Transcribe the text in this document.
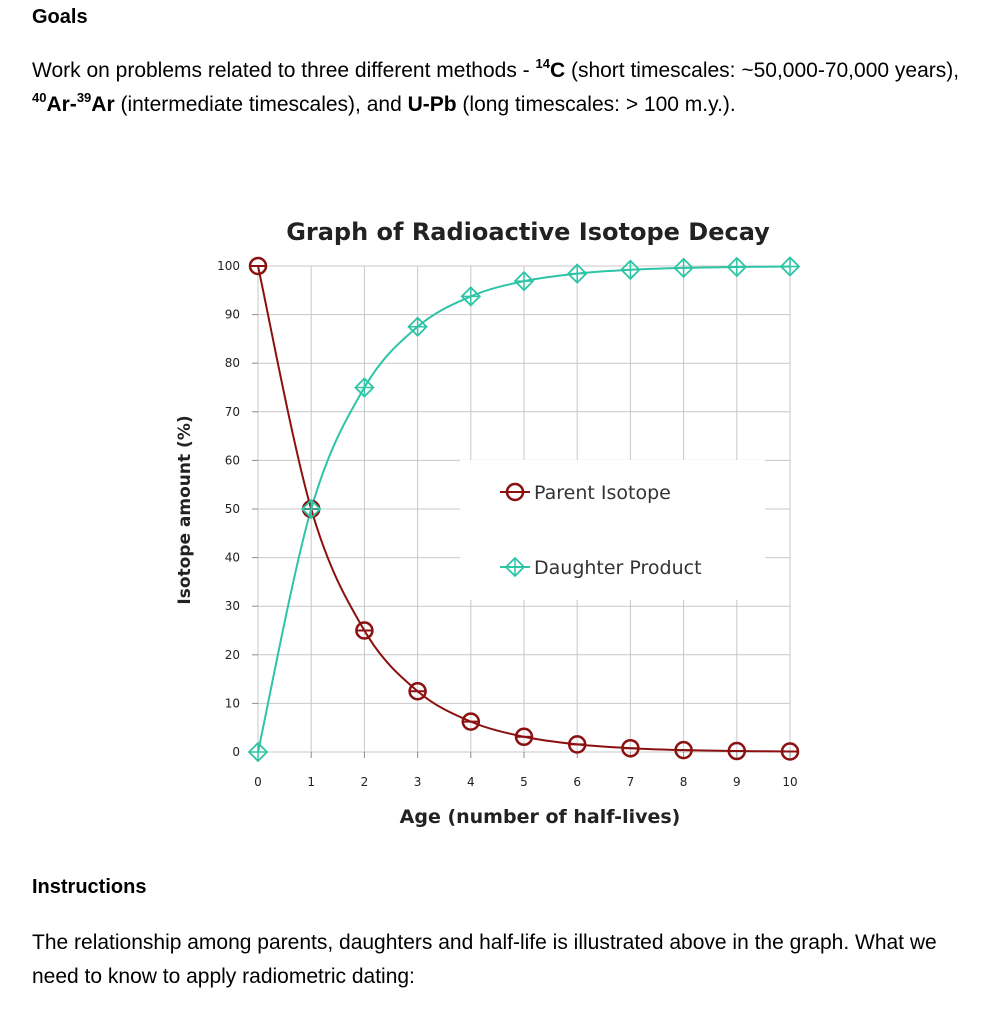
Goals

Work on problems related to three different methods - $^{14}$C (short timescales: ~50,000-70,000 years), $^{40}$Ar-$^{39}$Ar (intermediate timescales), and U-Pb (long timescales: > 100 m.y.).

0
10
20
30
40
50
60
70
80
90
100
0	1	2	3	4	5	6	7	8	9	10
Parent Isotope
Daughter Product
Graph of Radioactive Isotope Decay
Age (number of half-lives)
Isotope amount (%)
Instructions

The relationship among parents, daughters and half-life is illustrated above in the graph. What we need to know to apply radiometric dating:
